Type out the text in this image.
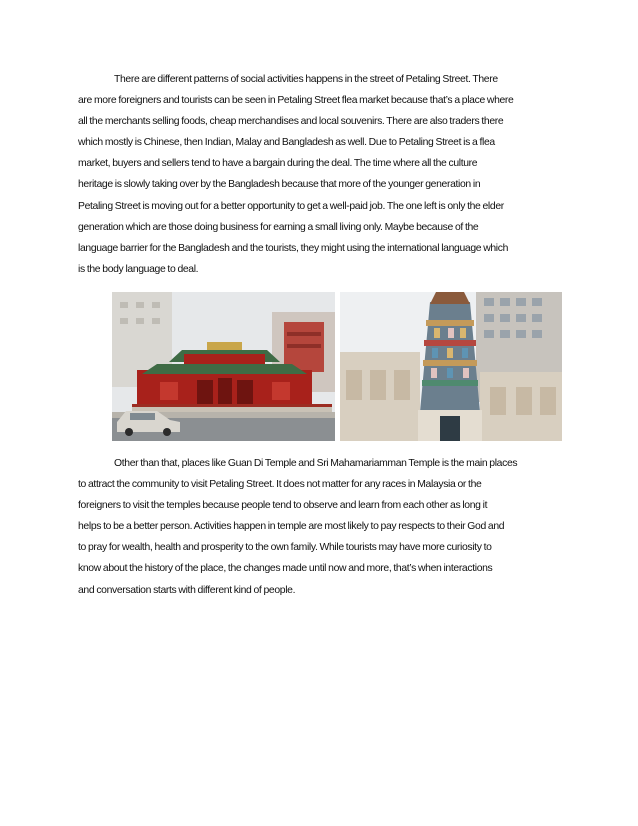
There are different patterns of social activities happens in the street of Petaling Street. There
are more foreigners and tourists can be seen in Petaling Street flea market because that’s a place where
all the merchants selling foods, cheap merchandises and local souvenirs. There are also traders there
which mostly is Chinese, then Indian, Malay and Bangladesh as well. Due to Petaling Street is a flea
market, buyers and sellers tend to have a bargain during the deal. The time where all the culture
heritage is slowly taking over by the Bangladesh because that more of the younger generation in
Petaling Street is moving out for a better opportunity to get a well-paid job. The one left is only the elder
generation which are those doing business for earning a small living only. Maybe because of the
language barrier for the Bangladesh and the tourists, they might using the international language which
is the body language to deal.
Other than that, places like Guan Di Temple and Sri Mahamariamman Temple is the main places
to attract the community to visit Petaling Street. It does not matter for any races in Malaysia or the
foreigners to visit the temples because people tend to observe and learn from each other as long it
helps to be a better person. Activities happen in temple are most likely to pay respects to their God and
to pray for wealth, health and prosperity to the own family. While tourists may have more curiosity to
know about the history of the place, the changes made until now and more, that’s when interactions
and conversation starts with different kind of people.
